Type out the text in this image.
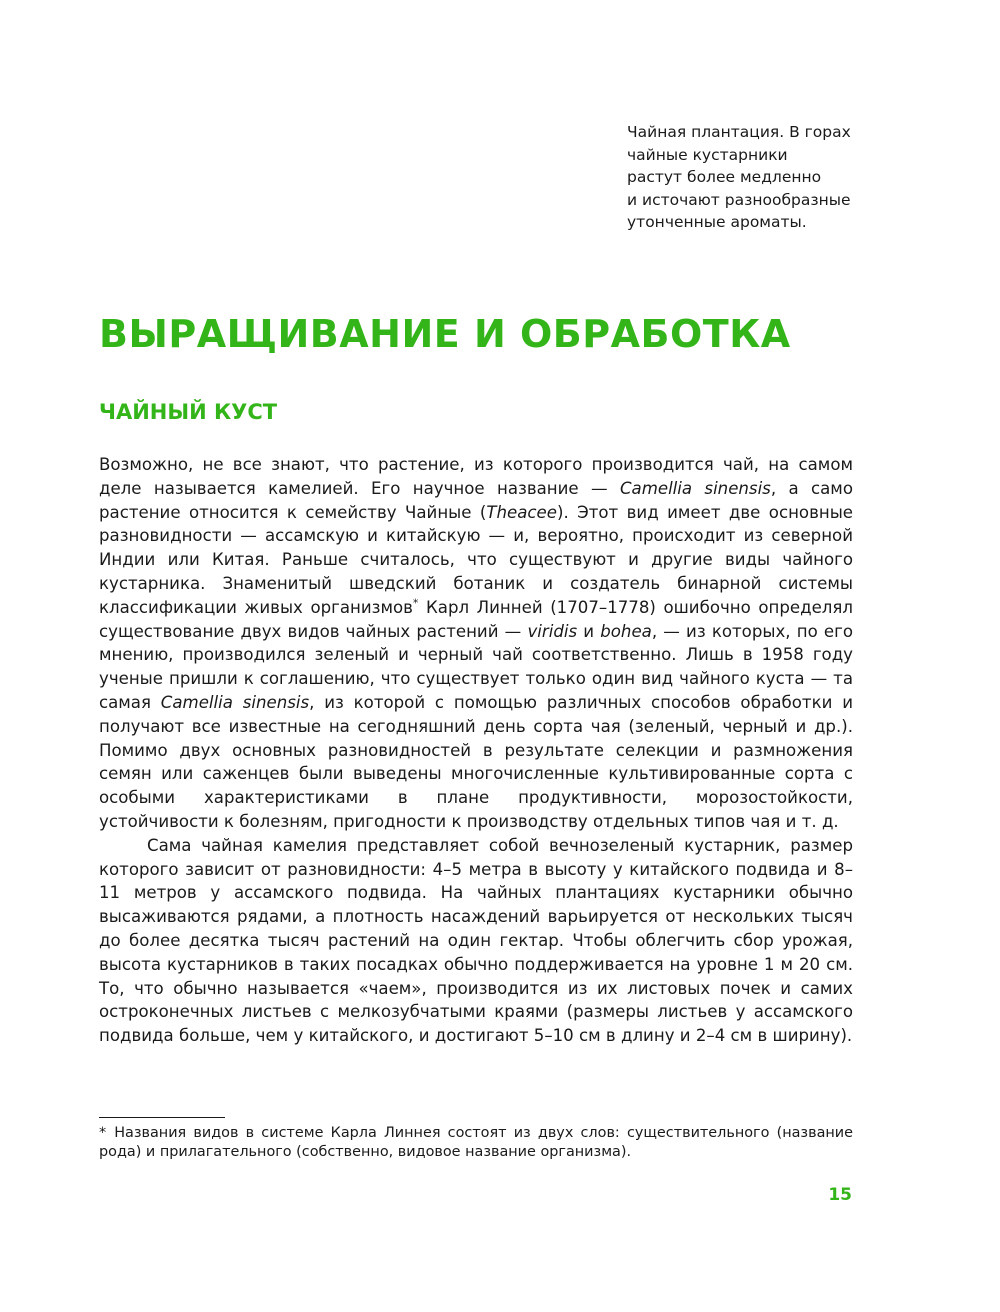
Чайная плантация. В горах
чайные кустарники
растут более медленно
и источают разнообразные
утонченные ароматы.
ВЫРАЩИВАНИЕ И ОБРАБОТКА
ЧАЙНЫЙ КУСТ

Возможно, не все знают, что растение, из которого производится чай, на самом деле называется камелией. Его научное название — Camellia sinensis, а само растение относится к семейству Чайные (Theacee). Этот вид имеет две основные разновидности — ассамскую и китайскую — и, вероятно, происходит из северной Индии или Китая. Раньше считалось, что существуют и другие виды чайного кустарника. Знаменитый шведский ботаник и создатель бинарной системы классификации живых организмов* Карл Линней (1707–1778) ошибочно определял существование двух видов чайных растений — viridis и bohea, — из которых, по его мнению, производился зеленый и черный чай соответственно. Лишь в 1958 году ученые пришли к соглашению, что существует только один вид чайного куста — та самая Camellia sinensis, из которой с помощью различных способов обработки и получают все известные на сегодняшний день сорта чая (зеленый, черный и др.). Помимо двух основных разновидностей в результате селекции и размножения семян или саженцев были выведены многочисленные культивированные сорта с особыми характеристиками в плане продуктивности, морозостойкости, устойчивости к болезням, пригодности к производству отдельных типов чая и т. д.

Сама чайная камелия представляет собой вечнозеленый кустарник, размер которого зависит от разновидности: 4–5 метра в высоту у китайского подвида и 8–11 метров у ассамского подвида. На чайных плантациях кустарники обычно высаживаются рядами, а плотность насаждений варьируется от нескольких тысяч до более десятка тысяч растений на один гектар. Чтобы облегчить сбор урожая, высота кустарников в таких посадках обычно поддерживается на уровне 1 м 20 см. То, что обычно называется «чаем», производится из их листовых почек и самих остроконечных листьев с мелкозубчатыми краями (размеры листьев у ассамского подвида больше, чем у китайского, и достигают 5–10 см в длину и 2–4 см в ширину).

* Названия видов в системе Карла Линнея состоят из двух слов: существительного (название рода) и прилагательного (собственно, видовое название организма).
15
